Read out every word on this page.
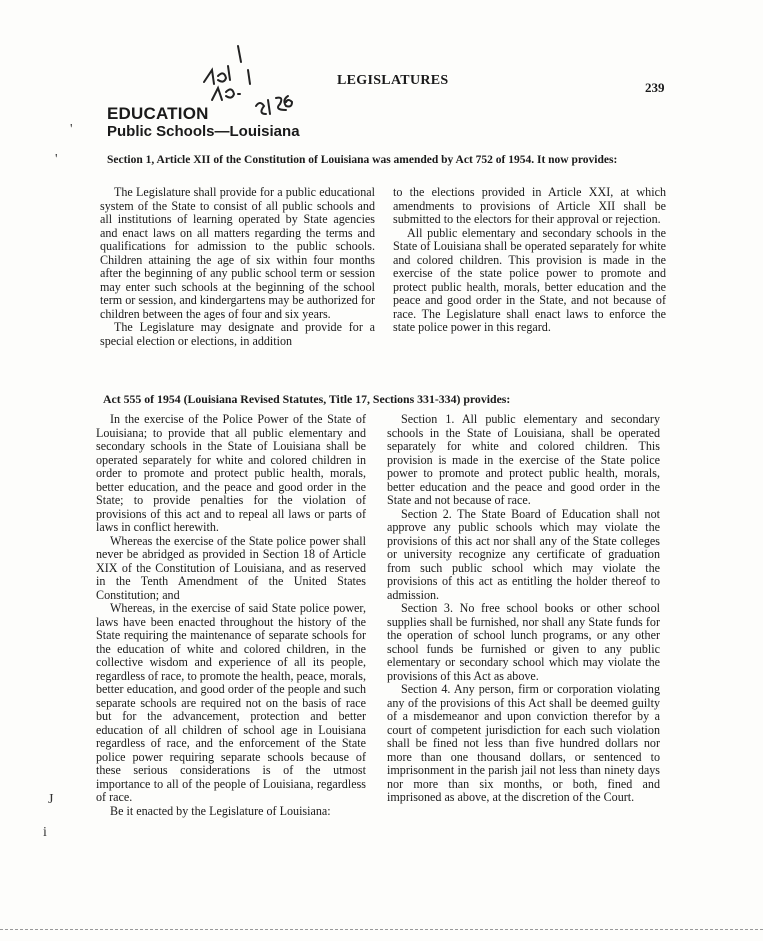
LEGISLATURES	239
EDUCATION
Public Schools—Louisiana
Section 1, Article XII of the Constitution of Louisiana was amended by Act 752 of 1954. It now provides:

The Legislature shall provide for a public educational system of the State to consist of all public schools and all institutions of learning operated by State agencies and enact laws on all matters regarding the terms and qualifications for admission to the public schools. Children attaining the age of six within four months after the beginning of any public school term or session may enter such schools at the beginning of the school term or session, and kindergartens may be authorized for children between the ages of four and six years.

The Legislature may designate and provide for a special election or elections, in addition

to the elections provided in Article XXI, at which amendments to provisions of Article XII shall be submitted to the electors for their approval or rejection.

All public elementary and secondary schools in the State of Louisiana shall be operated separately for white and colored children. This provision is made in the exercise of the state police power to promote and protect public health, morals, better education and the peace and good order in the State, and not because of race. The Legislature shall enact laws to enforce the state police power in this regard.

Act 555 of 1954 (Louisiana Revised Statutes, Title 17, Sections 331-334) provides:

In the exercise of the Police Power of the State of Louisiana; to provide that all public elementary and secondary schools in the State of Louisiana shall be operated separately for white and colored children in order to promote and protect public health, morals, better education, and the peace and good order in the State; to provide penalties for the violation of provisions of this act and to repeal all laws or parts of laws in conflict herewith.

Whereas the exercise of the State police power shall never be abridged as provided in Section 18 of Article XIX of the Constitution of Louisiana, and as reserved in the Tenth Amendment of the United States Constitution; and

Whereas, in the exercise of said State police power, laws have been enacted throughout the history of the State requiring the maintenance of separate schools for the education of white and colored children, in the collective wisdom and experience of all its people, regardless of race, to promote the health, peace, morals, better education, and good order of the people and such separate schools are required not on the basis of race but for the advancement, protection and better education of all children of school age in Louisiana regardless of race, and the enforcement of the State police power requiring separate schools because of these serious considerations is of the utmost importance to all of the people of Louisiana, regardless of race.

Be it enacted by the Legislature of Louisiana:

Section 1. All public elementary and secondary schools in the State of Louisiana, shall be operated separately for white and colored children. This provision is made in the exercise of the State police power to promote and protect public health, morals, better education and the peace and good order in the State and not because of race.

Section 2. The State Board of Education shall not approve any public schools which may violate the provisions of this act nor shall any of the State colleges or university recognize any certificate of graduation from such public school which may violate the provisions of this act as entitling the holder thereof to admission.

Section 3. No free school books or other school supplies shall be furnished, nor shall any State funds for the operation of school lunch programs, or any other school funds be furnished or given to any public elementary or secondary school which may violate the provisions of this Act as above.

Section 4. Any person, firm or corporation violating any of the provisions of this Act shall be deemed guilty of a misdemeanor and upon conviction therefor by a court of competent jurisdiction for each such violation shall be fined not less than five hundred dollars nor more than one thousand dollars, or sentenced to imprisonment in the parish jail not less than ninety days nor more than six months, or both, fined and imprisoned as above, at the discretion of the Court.

'
'
J
i
